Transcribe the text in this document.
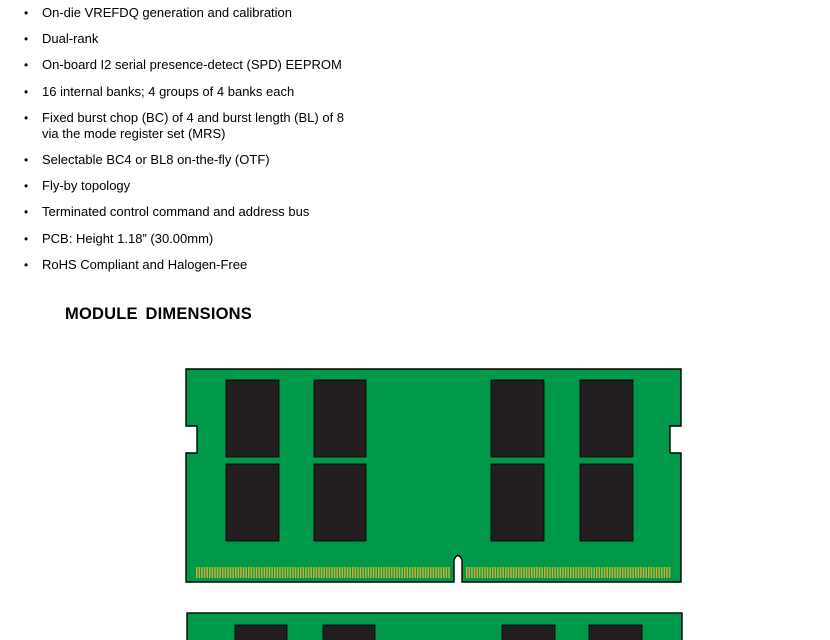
• On-die VREFDQ generation and calibration
• Dual-rank
• On-board I2 serial presence-detect (SPD) EEPROM
• 16 internal banks; 4 groups of 4 banks each
• Fixed burst chop (BC) of 4 and burst length (BL) of 8
via the mode register set (MRS)
• Selectable BC4 or BL8 on-the-fly (OTF)
• Fly-by topology
• Terminated control command and address bus
• PCB: Height 1.18” (30.00mm)
• RoHS Compliant and Halogen-Free
MODULE DIMENSIONS
